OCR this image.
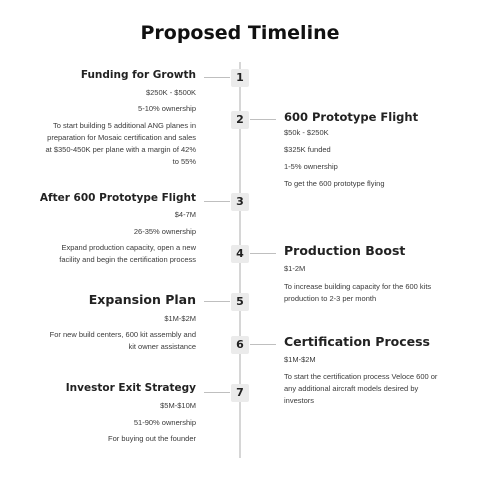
Proposed Timeline
1
2
3
4
5
6
7
Funding for Growth
$250K - $500K
5-10% ownership
To start building 5 additional ANG planes in
preparation for Mosaic certification and sales
at $350-450K per plane with a margin of 42%
to 55%
600 Prototype Flight
$50k - $250K
$325K funded
1-5% ownership
To get the 600 prototype flying
After 600 Prototype Flight
$4-7M
26-35% ownership
Expand production capacity, open a new
facility and begin the certification process
Production Boost
$1-2M
To increase building capacity for the 600 kits
production to 2-3 per month
Expansion Plan
$1M-$2M
For new build centers, 600 kit assembly and
kit owner assistance	Certification Process
$1M-$2M
To start the certification process Veloce 600 or
any additional aircraft models desired by
investors
Investor Exit Strategy
$5M-$10M
51-90% ownership
For buying out the founder
